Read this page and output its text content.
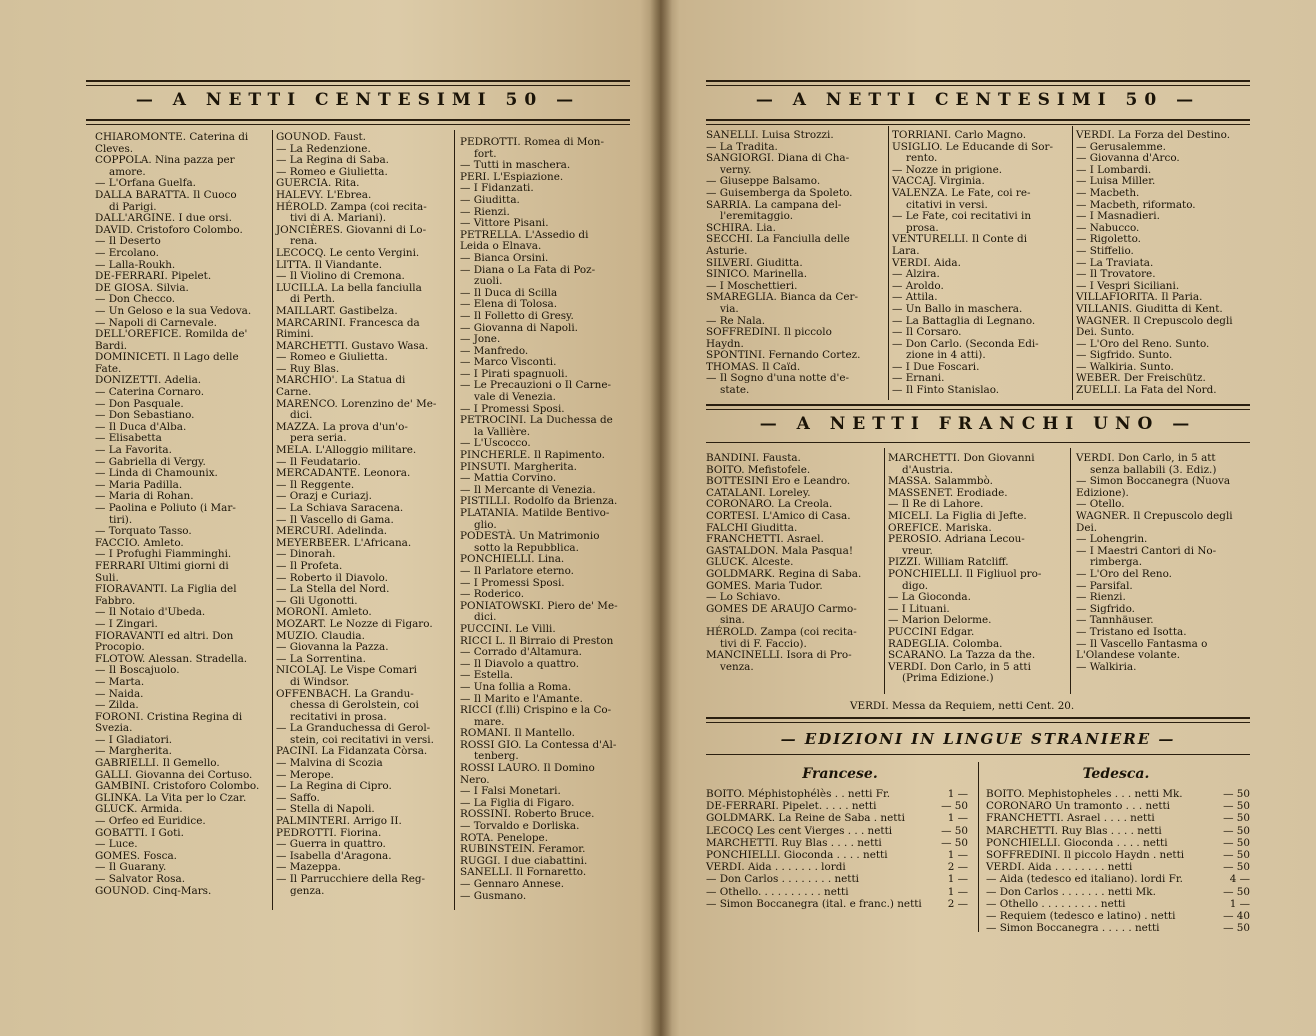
— A NETTI CENTESIMI 50 —
CHIAROMONTE. Caterina di
Cleves.
COPPOLA. Nina pazza per
amore.
— L'Orfana Guelfa.
DALLA BARATTA. Il Cuoco
di Parigi.
DALL'ARGINE. I due orsi.
DAVID. Cristoforo Colombo.
— Il Deserto
— Ercolano.
— Lalla-Roukh.
DE-FERRARI. Pipelet.
DE GIOSA. Silvia.
— Don Checco.
— Un Geloso e la sua Vedova.
— Napoli di Carnevale.
DELL'OREFICE. Romilda de'
Bardi.
DOMINICETI. Il Lago delle
Fate.
DONIZETTI. Adelia.
— Caterina Cornaro.
— Don Pasquale.
— Don Sebastiano.
— Il Duca d'Alba.
— Elisabetta
— La Favorita.
— Gabriella di Vergy.
— Linda di Chamounix.
— Maria Padilla.
— Maria di Rohan.
— Paolina e Poliuto (i Mar-
tiri).
— Torquato Tasso.
FACCIO. Amleto.
— I Profughi Fiamminghi.
FERRARI Ultimi giorni di
Suli.
FIORAVANTI. La Figlia del
Fabbro.
— Il Notaio d'Ubeda.
— I Zingari.
FIORAVANTI ed altri. Don
Procopio.
FLOTOW. Alessan. Stradella.
— Il Boscajuolo.
— Marta.
— Naida.
— Zilda.
FORONI. Cristina Regina di
Svezia.
— I Gladiatori.
— Margherita.
GABRIELLI. Il Gemello.
GALLI. Giovanna dei Cortuso.
GAMBINI. Cristoforo Colombo.
GLINKA. La Vita per lo Czar.
GLUCK. Armida.
— Orfeo ed Euridice.
GOBATTI. I Goti.
— Luce.
GOMES. Fosca.
— Il Guarany.
— Salvator Rosa.
GOUNOD. Cinq-Mars.
GOUNOD. Faust.
— La Redenzione.
— La Regina di Saba.
— Romeo e Giulietta.
GUERCIA. Rita.
HALEVY. L'Ebrea.
HÉROLD. Zampa (coi recita-
tivi di A. Mariani).
JONCIÈRES. Giovanni di Lo-
rena.
LECOCQ. Le cento Vergini.
LITTA. Il Viandante.
— Il Violino di Cremona.
LUCILLA. La bella fanciulla
di Perth.
MAILLART. Gastibelza.
MARCARINI. Francesca da
Rimini.
MARCHETTI. Gustavo Wasa.
— Romeo e Giulietta.
— Ruy Blas.
MARCHIO'. La Statua di
Carne.
MARENCO. Lorenzino de' Me-
dici.
MAZZA. La prova d'un'o-
pera seria.
MELA. L'Alloggio militare.
— Il Feudatario.
MERCADANTE. Leonora.
— Il Reggente.
— Orazj e Curiazj.
— La Schiava Saracena.
— Il Vascello di Gama.
MERCURI. Adelinda.
MEYERBEER. L'Africana.
— Dinorah.
— Il Profeta.
— Roberto il Diavolo.
— La Stella del Nord.
— Gli Ugonotti.
MORONI. Amleto.
MOZART. Le Nozze di Figaro.
MUZIO. Claudia.
— Giovanna la Pazza.
— La Sorrentina.
NICOLAJ. Le Vispe Comari
di Windsor.
OFFENBACH. La Grandu-
chessa di Gerolstein, coi
recitativi in prosa.
— La Granduchessa di Gerol-
stein, coi recitativi in versi.
PACINI. La Fidanzata Còrsa.
— Malvina di Scozia
— Merope.
— La Regina di Cipro.
— Saffo.
— Stella di Napoli.
PALMINTERI. Arrigo II.
PEDROTTI. Fiorina.
— Guerra in quattro.
— Isabella d'Aragona.
— Mazeppa.
— Il Parrucchiere della Reg-
genza.
PEDROTTI. Romea di Mon-
fort.
— Tutti in maschera.
PERI. L'Espiazione.
— I Fidanzati.
— Giuditta.
— Rienzi.
— Vittore Pisani.
PETRELLA. L'Assedio di
Leida o Elnava.
— Bianca Orsini.
— Diana o La Fata di Poz-
zuoli.
— Il Duca di Scilla
— Elena di Tolosa.
— Il Folletto di Gresy.
— Giovanna di Napoli.
— Jone.
— Manfredo.
— Marco Visconti.
— I Pirati spagnuoli.
— Le Precauzioni o Il Carne-
vale di Venezia.
— I Promessi Sposi.
PETROCINI. La Duchessa de
la Vallière.
— L'Uscocco.
PINCHERLE. Il Rapimento.
PINSUTI. Margherita.
— Mattia Corvino.
— Il Mercante di Venezia.
PISTILLI. Rodolfo da Brienza.
PLATANIA. Matilde Bentivo-
glio.
PODESTÀ. Un Matrimonio
sotto la Repubblica.
PONCHIELLI. Lina.
— Il Parlatore eterno.
— I Promessi Sposi.
— Roderico.
PONIATOWSKI. Piero de' Me-
dici.
PUCCINI. Le Villi.
RICCI L. Il Birraio di Preston
— Corrado d'Altamura.
— Il Diavolo a quattro.
— Estella.
— Una follia a Roma.
— Il Marito e l'Amante.
RICCI (f.lli) Crispino e la Co-
mare.
ROMANI. Il Mantello.
ROSSI GIO. La Contessa d'Al-
tenberg.
ROSSI LAURO. Il Domino
Nero.
— I Falsi Monetari.
— La Figlia di Figaro.
ROSSINI. Roberto Bruce.
— Torvaldo e Dorliska.
ROTA. Penelope.
RUBINSTEIN. Feramor.
RUGGI. I due ciabattini.
SANELLI. Il Fornaretto.
— Gennaro Annese.
— Gusmano.
— A NETTI CENTESIMI 50 —
SANELLI. Luisa Strozzi.
— La Tradita.
SANGIORGI. Diana di Cha-
verny.
— Giuseppe Balsamo.
— Guisemberga da Spoleto.
SARRIA. La campana del-
l'eremitaggio.
SCHIRA. Lia.
SECCHI. La Fanciulla delle
Asturie.
SILVERI. Giuditta.
SINICO. Marinella.
— I Moschettieri.
SMAREGLIA. Bianca da Cer-
via.
— Re Nala.
SOFFREDINI. Il piccolo
Haydn.
SPONTINI. Fernando Cortez.
THOMAS. Il Caïd.
— Il Sogno d'una notte d'e-
state.
TORRIANI. Carlo Magno.
USIGLIO. Le Educande di Sor-
rento.
— Nozze in prigione.
VACCAJ. Virginia.
VALENZA. Le Fate, coi re-
citativi in versi.
— Le Fate, coi recitativi in
prosa.
VENTURELLI. Il Conte di
Lara.
VERDI. Aida.
— Alzira.
— Aroldo.
— Attila.
— Un Ballo in maschera.
— La Battaglia di Legnano.
— Il Corsaro.
— Don Carlo. (Seconda Edi-
zione in 4 atti).
— I Due Foscari.
— Ernani.
— Il Finto Stanislao.
VERDI. La Forza del Destino.
— Gerusalemme.
— Giovanna d'Arco.
— I Lombardi.
— Luisa Miller.
— Macbeth.
— Macbeth, riformato.
— I Masnadieri.
— Nabucco.
— Rigoletto.
— Stiffelio.
— La Traviata.
— Il Trovatore.
— I Vespri Siciliani.
VILLAFIORITA. Il Paria.
VILLANIS. Giuditta di Kent.
WAGNER. Il Crepuscolo degli
Dei. Sunto.
— L'Oro del Reno. Sunto.
— Sigfrido. Sunto.
— Walkiria. Sunto.
WEBER. Der Freischütz.
ZUELLI. La Fata del Nord.
— A NETTI FRANCHI UNO —
BANDINI. Fausta.
BOITO. Mefistofele.
BOTTESINI Ero e Leandro.
CATALANI. Loreley.
CORONARO. La Creola.
CORTESI. L'Amico di Casa.
FALCHI Giuditta.
FRANCHETTI. Asrael.
GASTALDON. Mala Pasqua!
GLUCK. Alceste.
GOLDMARK. Regina di Saba.
GOMES. Maria Tudor.
— Lo Schiavo.
GOMES DE ARAUJO Carmo-
sina.
HÉROLD. Zampa (coi recita-
tivi di F. Faccio).
MANCINELLI. Isora di Pro-
venza.
MARCHETTI. Don Giovanni
d'Austria.
MASSA. Salammbò.
MASSENET. Erodiade.
— Il Re di Lahore.
MICELI. La Figlia di Jefte.
OREFICE. Mariska.
PEROSIO. Adriana Lecou-
vreur.
PIZZI. William Ratcliff.
PONCHIELLI. Il Figliuol pro-
digo.
— La Gioconda.
— I Lituani.
— Marion Delorme.
PUCCINI Edgar.
RADEGLIA. Colomba.
SCARANO. La Tazza da the.
VERDI. Don Carlo, in 5 atti
(Prima Edizione.)
VERDI. Don Carlo, in 5 att
senza ballabili (3. Ediz.)
— Simon Boccanegra (Nuova
Edizione).
— Otello.
WAGNER. Il Crepuscolo degli
Dei.
— Lohengrin.
— I Maestri Cantori di No-
rimberga.
— L'Oro del Reno.
— Parsifal.
— Rienzi.
— Sigfrido.
— Tannhäuser.
— Tristano ed Isotta.
— Il Vascello Fantasma o
L'Olandese volante.
— Walkiria.
VERDI. Messa da Requiem, netti Cent. 20.
— EDIZIONI IN LINGUE STRANIERE —
Francese.	Tedesca.
BOITO. Méphistophélès . . netti Fr.	1 —
DE-FERRARI. Pipelet. . . . . netti	— 50
GOLDMARK. La Reine de Saba . netti	1 —
LECOCQ Les cent Vierges . . . netti	— 50
MARCHETTI. Ruy Blas . . . . netti	— 50
PONCHIELLI. Gioconda . . . . netti	1 —
VERDI. Aida . . . . . . . lordi	2 —
— Don Carlos . . . . . . . . netti	1 —
— Othello. . . . . . . . . . netti	1 —
— Simon Boccanegra (ital. e franc.) netti 2 —
BOITO. Mephistopheles . . . netti Mk.	— 50
CORONARO Un tramonto . . . netti	— 50
FRANCHETTI. Asrael . . . . netti	— 50
MARCHETTI. Ruy Blas . . . . netti	— 50
PONCHIELLI. Gioconda . . . . netti	— 50
SOFFREDINI. Il piccolo Haydn . netti	— 50
VERDI. Aida . . . . . . . . netti	— 50
— Aida (tedesco ed italiano). lordi Fr.	4 —
— Don Carlos . . . . . . . netti Mk.	— 50
— Othello . . . . . . . . . netti	1 —
— Requiem (tedesco e latino) . netti	— 40
— Simon Boccanegra . . . . . netti	— 50
